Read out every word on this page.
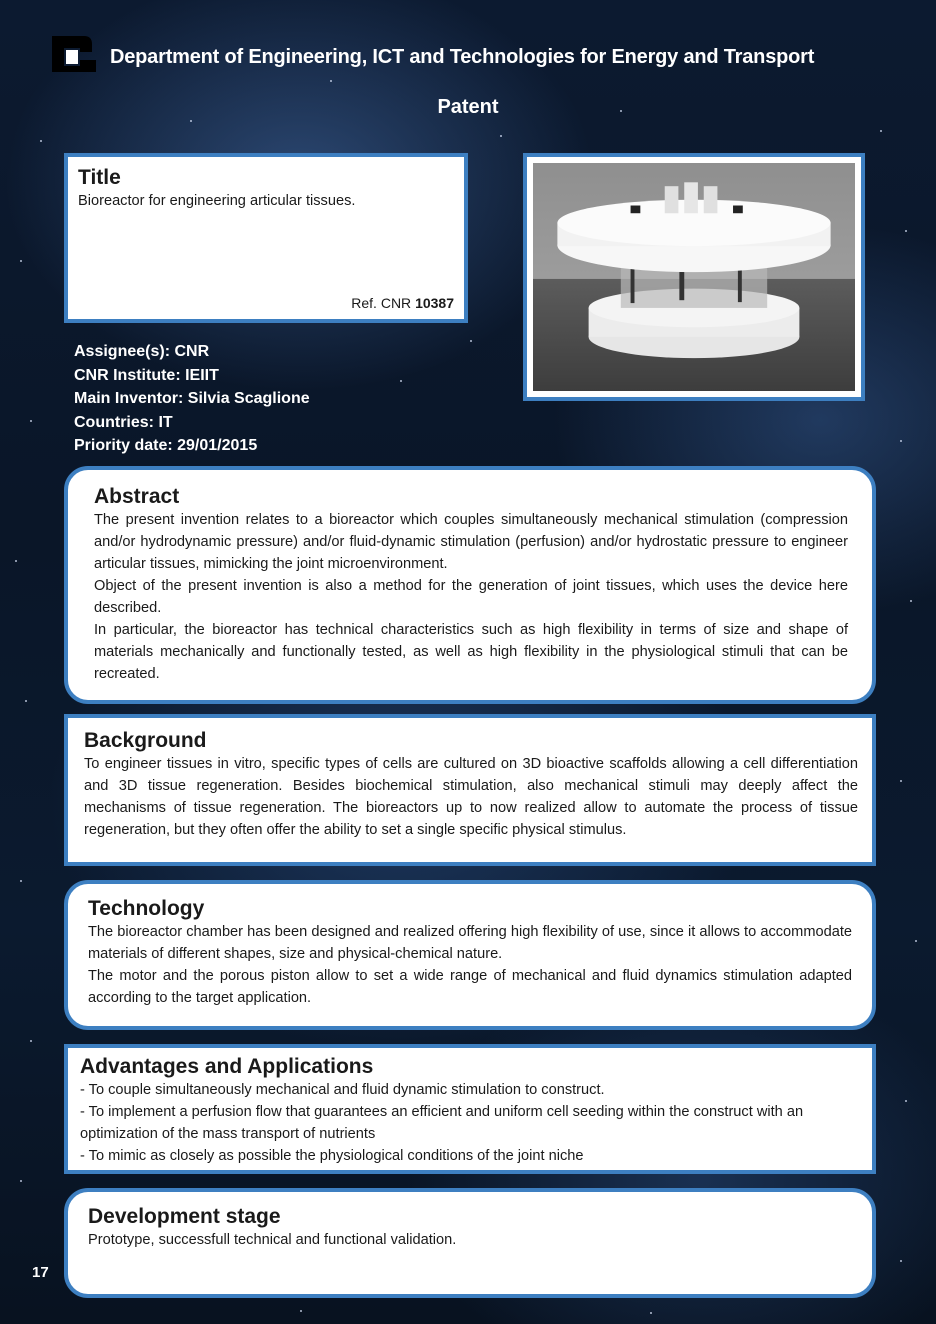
Department of Engineering, ICT and Technologies for Energy and Transport
Patent
Title

Bioreactor for engineering articular tissues.

Ref. CNR 10387
Assignee(s): CNR
CNR Institute: IEIIT
Main Inventor: Silvia Scaglione
Countries: IT
Priority date: 29/01/2015
Abstract

The present invention relates to a bioreactor which couples simultaneously mechanical stimulation (compression and/or hydrodynamic pressure) and/or fluid-dynamic stimulation (perfusion) and/or hydrostatic pressure to engineer articular tissues, mimicking the joint microenvironment.

Object of the present invention is also a method for the generation of joint tissues, which uses the device here described.

In particular, the bioreactor has technical characteristics such as high flexibility in terms of size and shape of materials mechanically and functionally tested, as well as high flexibility in the physiological stimuli that can be recreated.

Background

To engineer tissues in vitro, specific types of cells are cultured on 3D bioactive scaffolds allowing a cell differentiation and 3D tissue regeneration. Besides biochemical stimulation, also mechanical stimuli may deeply affect the mechanisms of tissue regeneration. The bioreactors up to now realized allow to automate the process of tissue regeneration, but they often offer the ability to set a single specific physical stimulus.

Technology

The bioreactor chamber has been designed and realized offering high flexibility of use, since it allows to accommodate materials of different shapes, size and physical-chemical nature.

The motor and the porous piston allow to set a wide range of mechanical and fluid dynamics stimulation adapted according to the target application.

Advantages and Applications

- To couple simultaneously mechanical and fluid dynamic stimulation to construct.

- To implement a perfusion flow that guarantees an efficient and uniform cell seeding within the construct with an optimization of the mass transport of nutrients

- To mimic as closely as possible the physiological conditions of the joint niche

Development stage

Prototype, successfull technical and functional validation.

17
